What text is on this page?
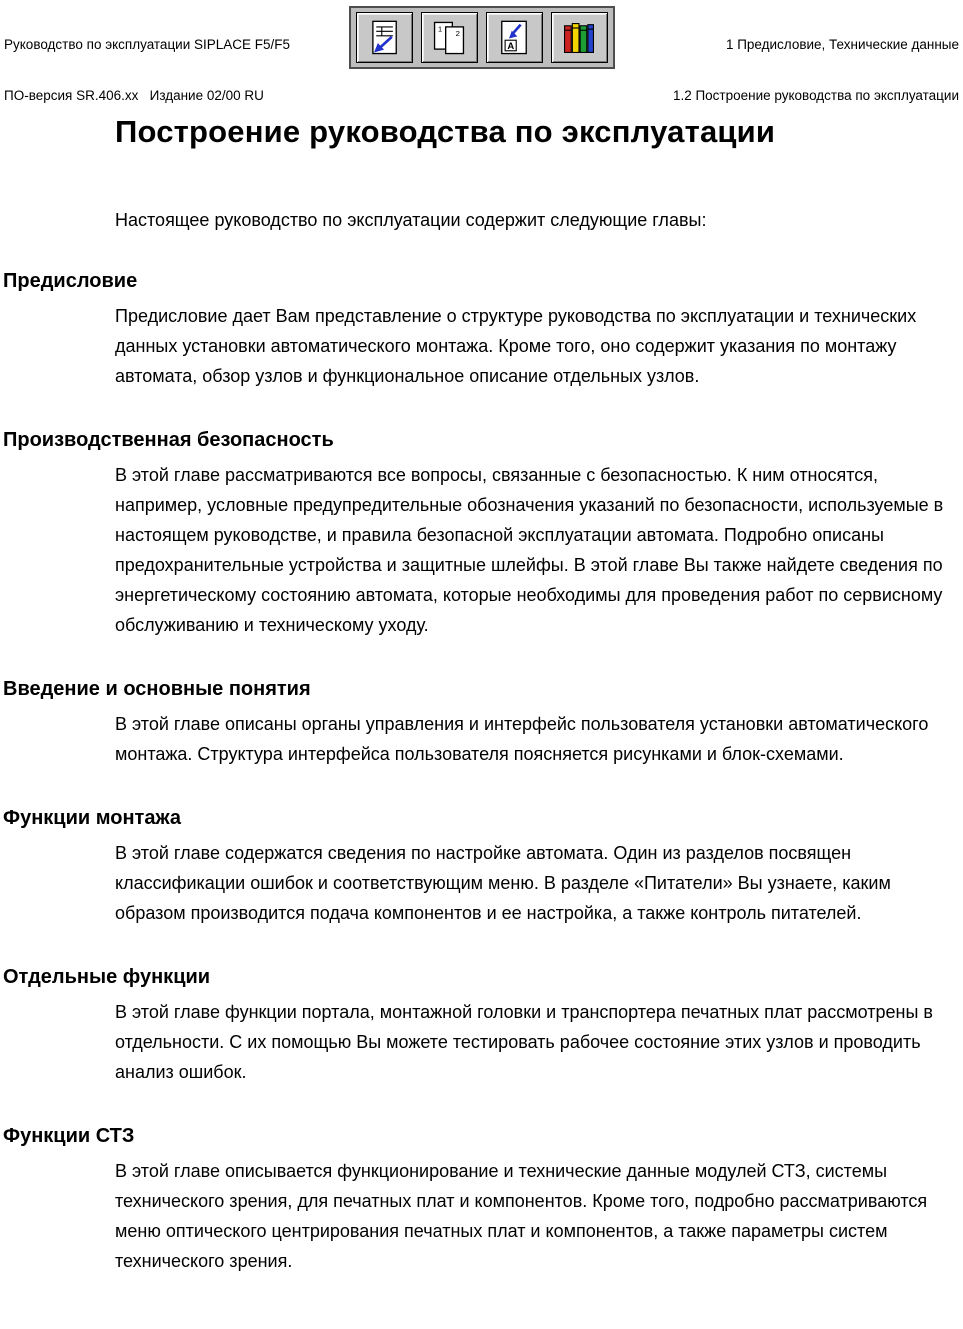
Руководство по эксплуатации SIPLACE F5/F5

ПО-версия SR.406.xx   Издание 02/00 RU

1 Предисловие, Технические данные

1.2 Построение руководства по эксплуатации

1 2
A
Построение руководства по эксплуатации

Настоящее руководство по эксплуатации содержит следующие главы:

Предисловие

Предисловие дает Вам представление о структуре руководства по эксплуатации и технических данных установки автоматического монтажа. Кроме того, оно содержит указания по монтажу автомата, обзор узлов и функциональное описание отдельных узлов.

Производственная безопасность

В этой главе рассматриваются все вопросы, связанные с безопасностью. К ним относятся, например, условные предупредительные обозначения указаний по безопасности, используемые в настоящем руководстве, и правила безопасной эксплуатации автомата. Подробно описаны предохранительные устройства и защитные шлейфы. В этой главе Вы также найдете сведения по энергетическому состоянию автомата, которые необходимы для проведения работ по сервисному обслуживанию и техническому уходу.

Введение и основные понятия

В этой главе описаны органы управления и интерфейс пользователя установки автоматического монтажа. Структура интерфейса пользователя поясняется рисунками и блок-схемами.

Функции монтажа

В этой главе содержатся сведения по настройке автомата. Один из разделов посвящен классификации ошибок и соответствующим меню. В разделе «Питатели» Вы узнаете, каким образом производится подача компонентов и ее настройка, а также контроль питателей.

Отдельные функции

В этой главе функции портала, монтажной головки и транспортера печатных плат рассмотрены в отдельности. С их помощью Вы можете тестировать рабочее состояние этих узлов и проводить анализ ошибок.

Функции СТЗ

В этой главе описывается функционирование и технические данные модулей СТЗ, системы технического зрения, для печатных плат и компонентов. Кроме того, подробно рассматриваются меню оптического центрирования печатных плат и компонентов, а также параметры систем технического зрения.
